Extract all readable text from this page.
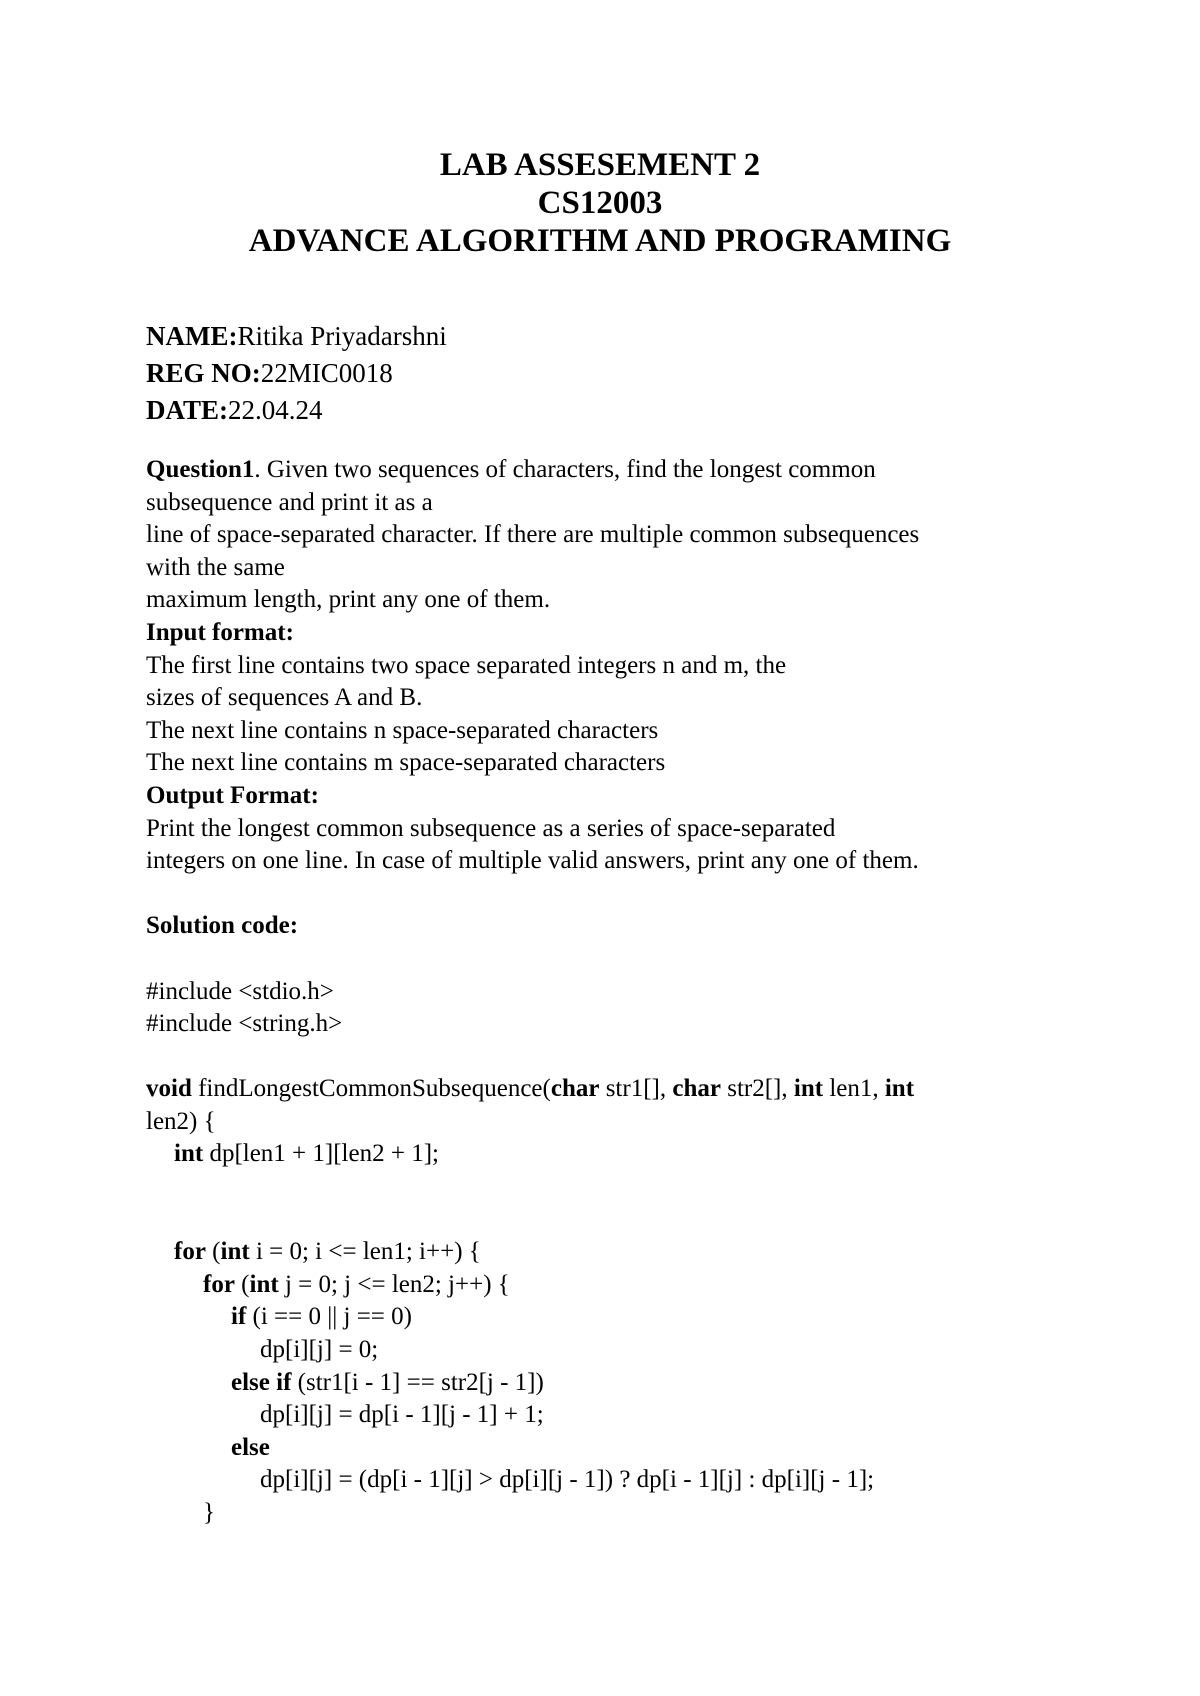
LAB ASSESEMENT 2
CS12003
ADVANCE ALGORITHM AND PROGRAMING
NAME:Ritika Priyadarshni
REG NO:22MIC0018
DATE:22.04.24
Question1. Given two sequences of characters, find the longest common
subsequence and print it as a
line of space-separated character. If there are multiple common subsequences
with the same
maximum length, print any one of them.
Input format:
The first line contains two space separated integers n and m, the
sizes of sequences A and B.
The next line contains n space-separated characters
The next line contains m space-separated characters
Output Format:
Print the longest common subsequence as a series of space-separated
integers on one line. In case of multiple valid answers, print any one of them.
Solution code:
#include <stdio.h>
#include <string.h>
void findLongestCommonSubsequence(char str1[], char str2[], int len1, int
len2) {
int dp[len1 + 1][len2 + 1];
for (int i = 0; i <= len1; i++) {
for (int j = 0; j <= len2; j++) {
if (i == 0 || j == 0)
dp[i][j] = 0;
else if (str1[i - 1] == str2[j - 1])
dp[i][j] = dp[i - 1][j - 1] + 1;
else
dp[i][j] = (dp[i - 1][j] > dp[i][j - 1]) ? dp[i - 1][j] : dp[i][j - 1];
}
